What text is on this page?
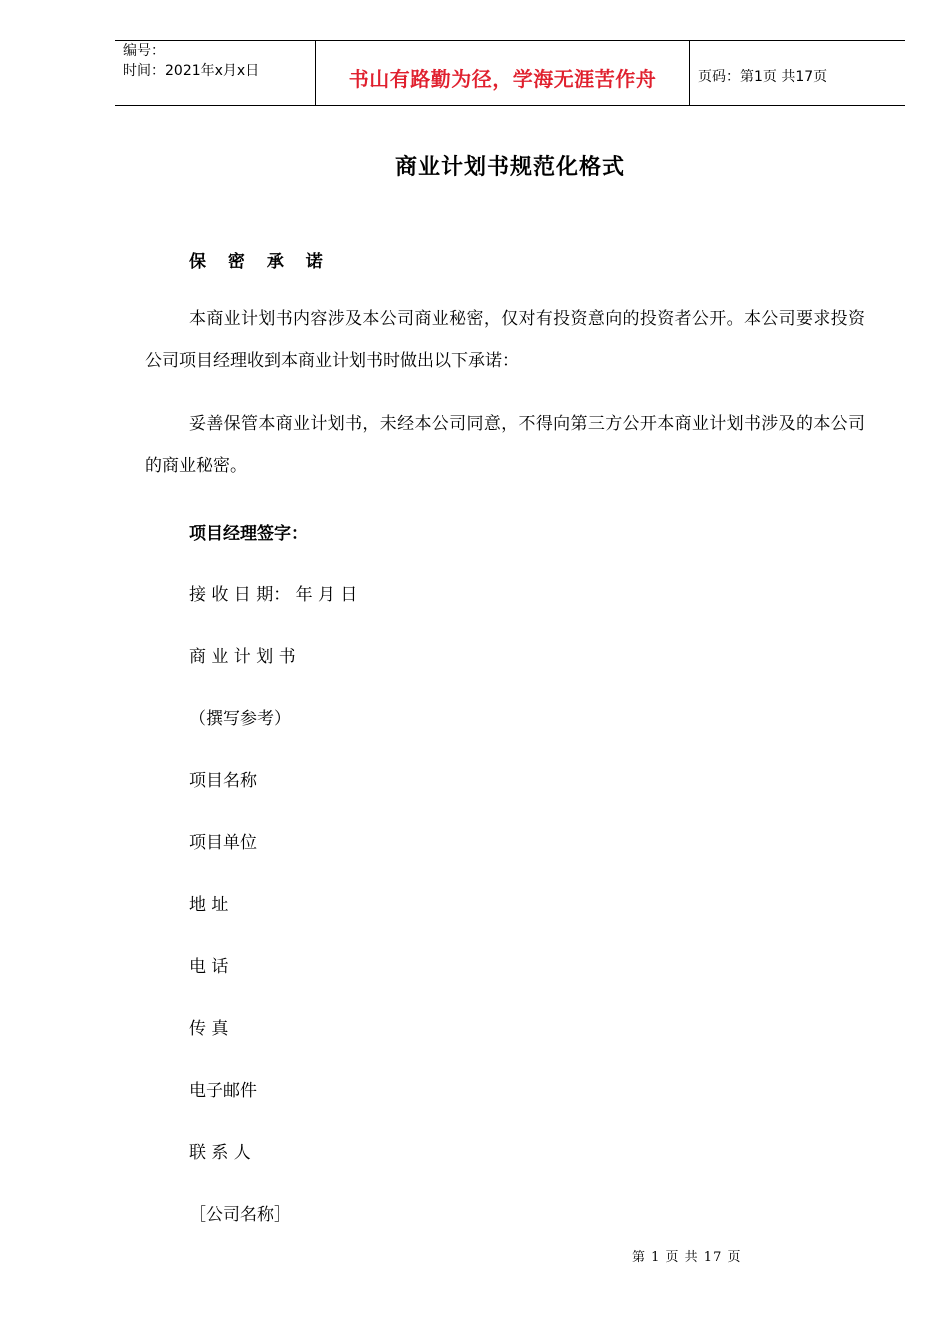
编号：
时间：2021年x月x日	书山有路勤为径，学海无涯苦作舟	页码：第1页 共17页
商业计划书规范化格式
保 密 承 诺
本商业计划书内容涉及本公司商业秘密，仅对有投资意向的投资者公开。本公司要求投资公司项目经理收到本商业计划书时做出以下承诺：
妥善保管本商业计划书，未经本公司同意，不得向第三方公开本商业计划书涉及的本公司的商业秘密。
项目经理签字：
接 收 日 期： 年 月 日
商 业 计 划 书
（撰写参考）
项目名称
项目单位
地 址
电 话
传 真
电子邮件
联 系 人
［公司名称］
第 1 页 共 17 页
